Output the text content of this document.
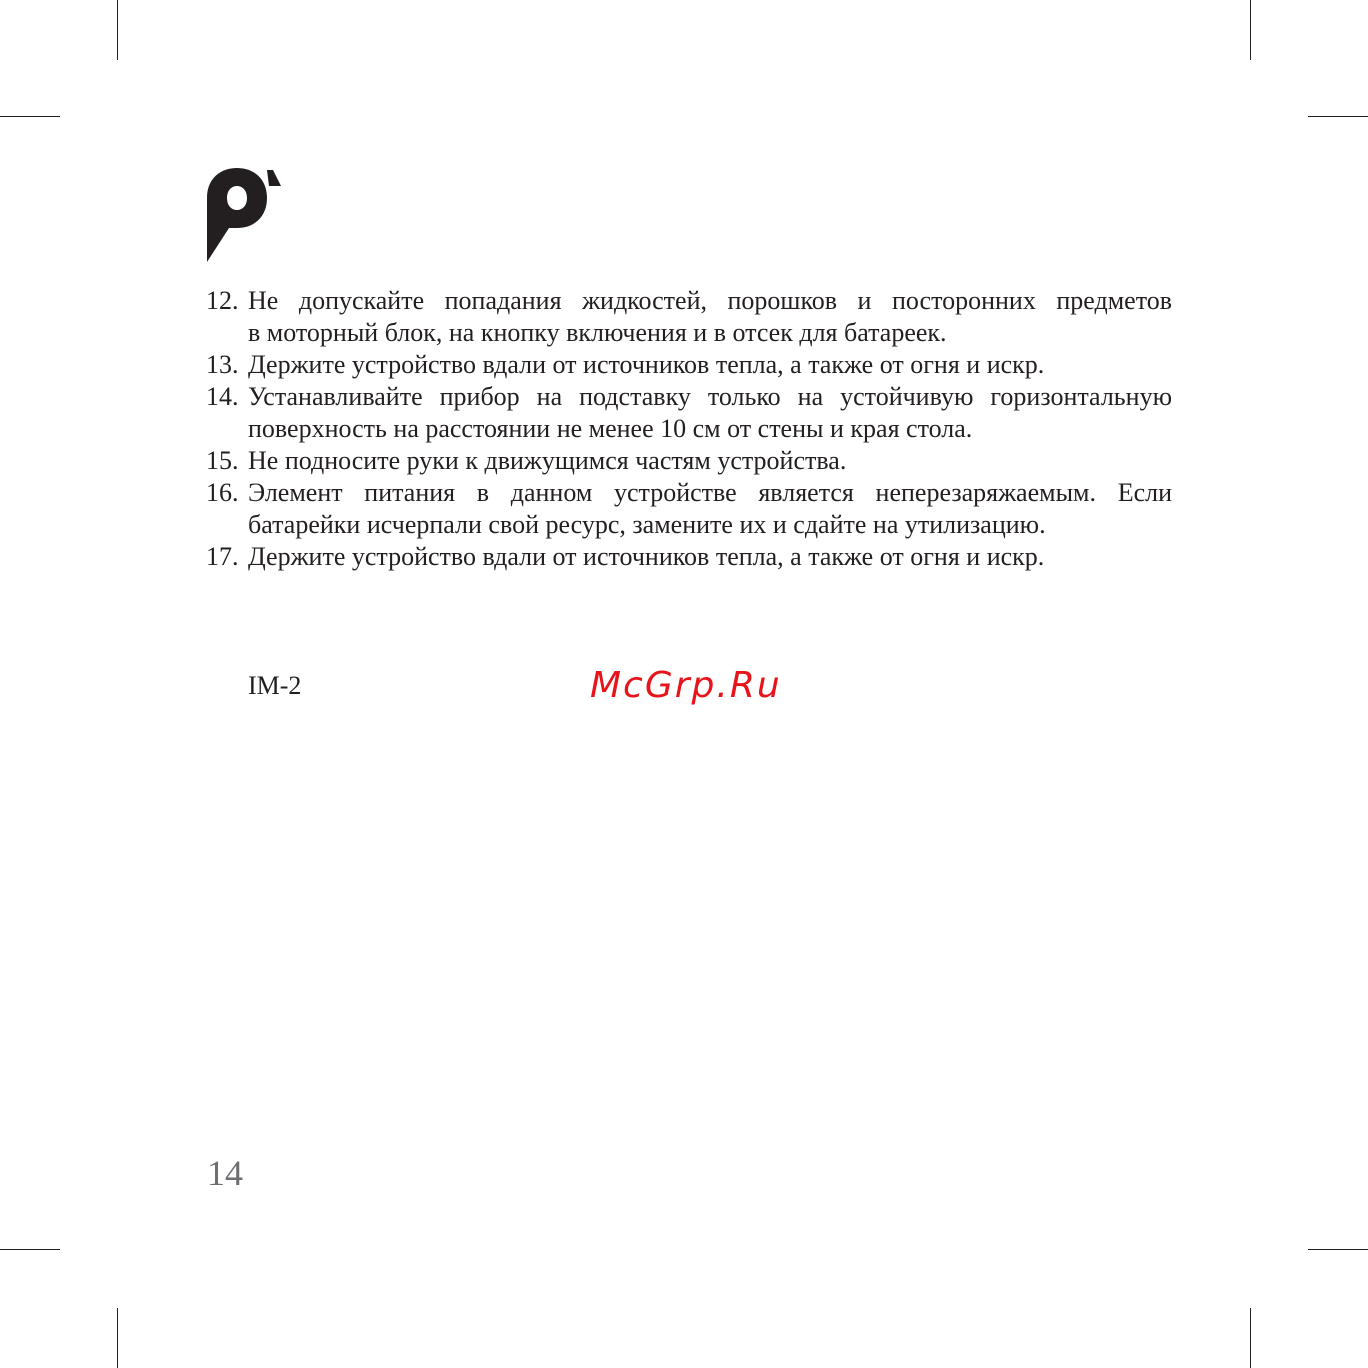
12. Не допускайте попадания жидкостей, порошков и посторонних предметов
в моторный блок, на кнопку включения и в отсек для батареек.
13. Держите устройство вдали от источников тепла, а также от огня и искр.
14. Устанавливайте прибор на подставку только на устойчивую горизонтальную
поверхность на расстоянии не менее 10 см от стены и края стола.
15. Не подносите руки к движущимся частям устройства.
16. Элемент питания в данном устройстве является неперезаряжаемым. Если
батарейки исчерпали свой ресурс, замените их и сдайте на утилизацию.
17. Держите устройство вдали от источников тепла, а также от огня и искр.
IM-2	McGrp.Ru
14
